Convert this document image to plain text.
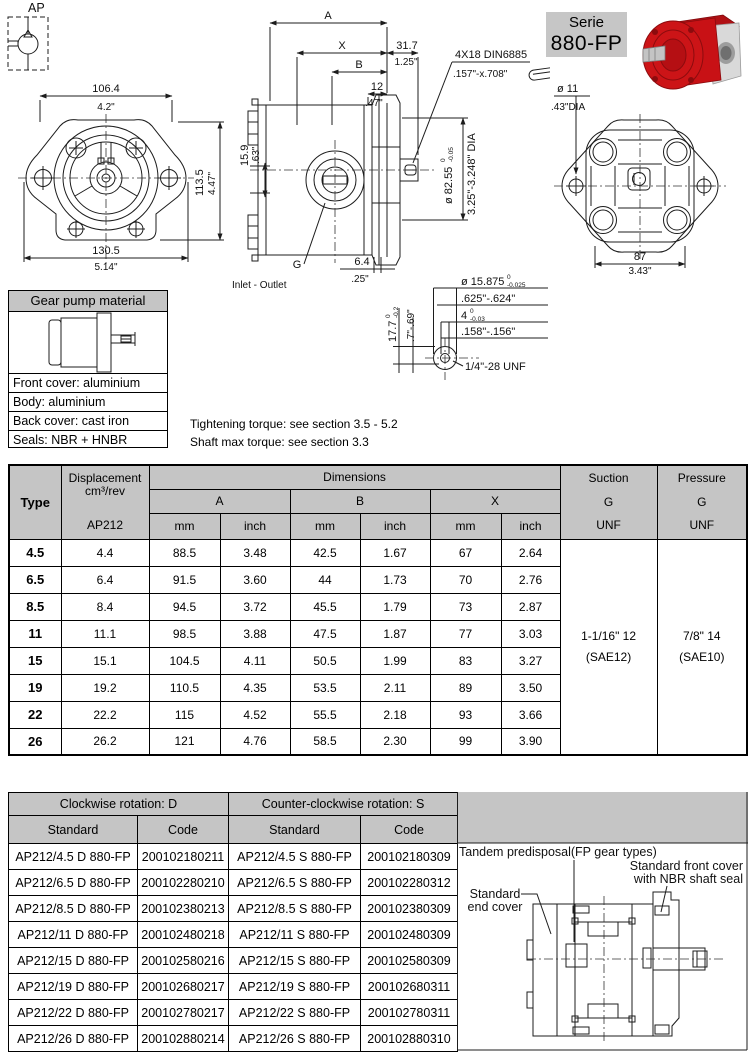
AP
Serie
880-FP
106.4
4.2"
113.5 4.47"
130.5
5.14"
A
X
B
31.7
1.25"
12
.47"
15.9 .63"
6.4
.25"
4X18 DIN6885
.157"-x.708"
ø 82.55
0 -0.05 3.25"-3.248" DIA
G
Inlet - Outlet
ø 11
.43"DIA
87
3.43"
ø 15.875 0
-0.025
.625"-.624"
4 0
-0.03
.158"-.156"
17.7
0 -0.2 .7"-.69"
1/4"-28 UNF
Gear pump material
Front cover: aluminium
Body: aluminium
Back cover: cast iron
Seals: NBR + HNBR
Tightening torque: see section 3.5 - 5.2
Shaft max torque: see section 3.3
Type	Displacement
cm³/rev
AP212	Dimensions						Suction
G
UNF	Pressure
G
UNF

		A		B		X			
		mm	inch	mm	inch	mm	inch		
4.5	4.4	88.5	3.48	42.5	1.67	67	2.64	1-1/16" 12
(SAE12)	7/8" 14
(SAE10)

6.5	6.4	91.5	3.60	44	1.73	70	2.76		
8.5	8.4	94.5	3.72	45.5	1.79	73	2.87		
11	11.1	98.5	3.88	47.5	1.87	77	3.03		
15	15.1	104.5	4.11	50.5	1.99	83	3.27		
19	19.2	110.5	4.35	53.5	2.11	89	3.50		
22	22.2	115	4.52	55.5	2.18	93	3.66		
26	26.2	121	4.76	58.5	2.30	99	3.90		
Clockwise rotation: D		Counter-clockwise rotation: S	
Standard	Code	Standard	Code
AP212/4.5 D 880-FP	200102180211	AP212/4.5 S 880-FP	200102180309
AP212/6.5 D 880-FP	200102280210	AP212/6.5 S 880-FP	200102280312
AP212/8.5 D 880-FP	200102380213	AP212/8.5 S 880-FP	200102380309
AP212/11 D 880-FP	200102480218	AP212/11 S 880-FP	200102480309
AP212/15 D 880-FP	200102580216	AP212/15 S 880-FP	200102580309
AP212/19 D 880-FP	200102680217	AP212/19 S 880-FP	200102680311
AP212/22 D 880-FP	200102780217	AP212/22 S 880-FP	200102780311
AP212/26 D 880-FP	200102880214	AP212/26 S 880-FP	200102880310
Tandem predisposal(FP gear types)
Standard front cover
with NBR shaft seal
Standard
end cover
